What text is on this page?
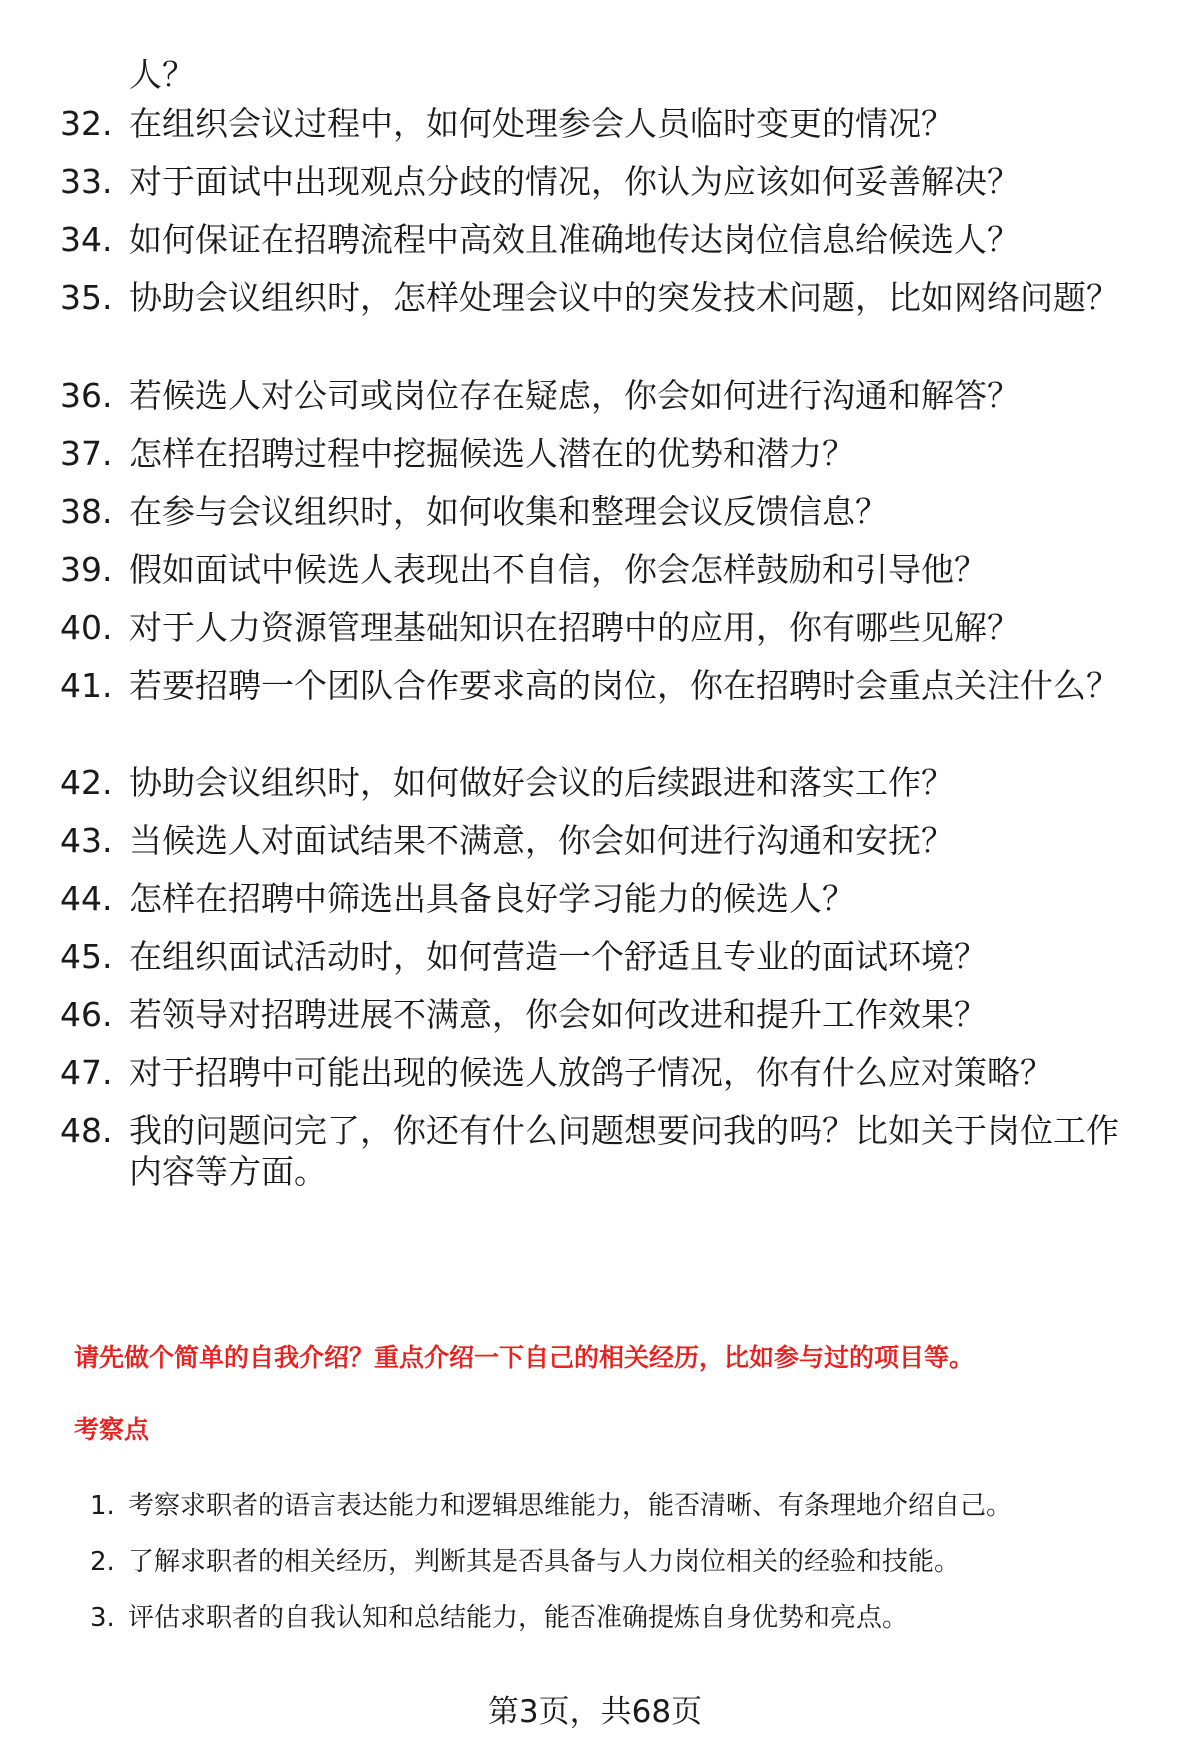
人？
32. 在组织会议过程中，如何处理参会人员临时变更的情况？
33. 对于面试中出现观点分歧的情况，你认为应该如何妥善解决？
34. 如何保证在招聘流程中高效且准确地传达岗位信息给候选人？
35. 协助会议组织时，怎样处理会议中的突发技术问题，比如网络问题？
36. 若候选人对公司或岗位存在疑虑，你会如何进行沟通和解答？
37. 怎样在招聘过程中挖掘候选人潜在的优势和潜力？
38. 在参与会议组织时，如何收集和整理会议反馈信息？
39. 假如面试中候选人表现出不自信，你会怎样鼓励和引导他？
40. 对于人力资源管理基础知识在招聘中的应用，你有哪些见解？
41. 若要招聘一个团队合作要求高的岗位，你在招聘时会重点关注什么？
42. 协助会议组织时，如何做好会议的后续跟进和落实工作？
43. 当候选人对面试结果不满意，你会如何进行沟通和安抚？
44. 怎样在招聘中筛选出具备良好学习能力的候选人？
45. 在组织面试活动时，如何营造一个舒适且专业的面试环境？
46. 若领导对招聘进展不满意，你会如何改进和提升工作效果？
47. 对于招聘中可能出现的候选人放鸽子情况，你有什么应对策略？
48. 我的问题问完了，你还有什么问题想要问我的吗？比如关于岗位工作内容等方面。
请先做个简单的自我介绍？重点介绍一下自己的相关经历，比如参与过的项目等。
考察点
1. 考察求职者的语言表达能力和逻辑思维能力，能否清晰、有条理地介绍自己。
2. 了解求职者的相关经历，判断其是否具备与人力岗位相关的经验和技能。
3. 评估求职者的自我认知和总结能力，能否准确提炼自身优势和亮点。
第3页，共68页
